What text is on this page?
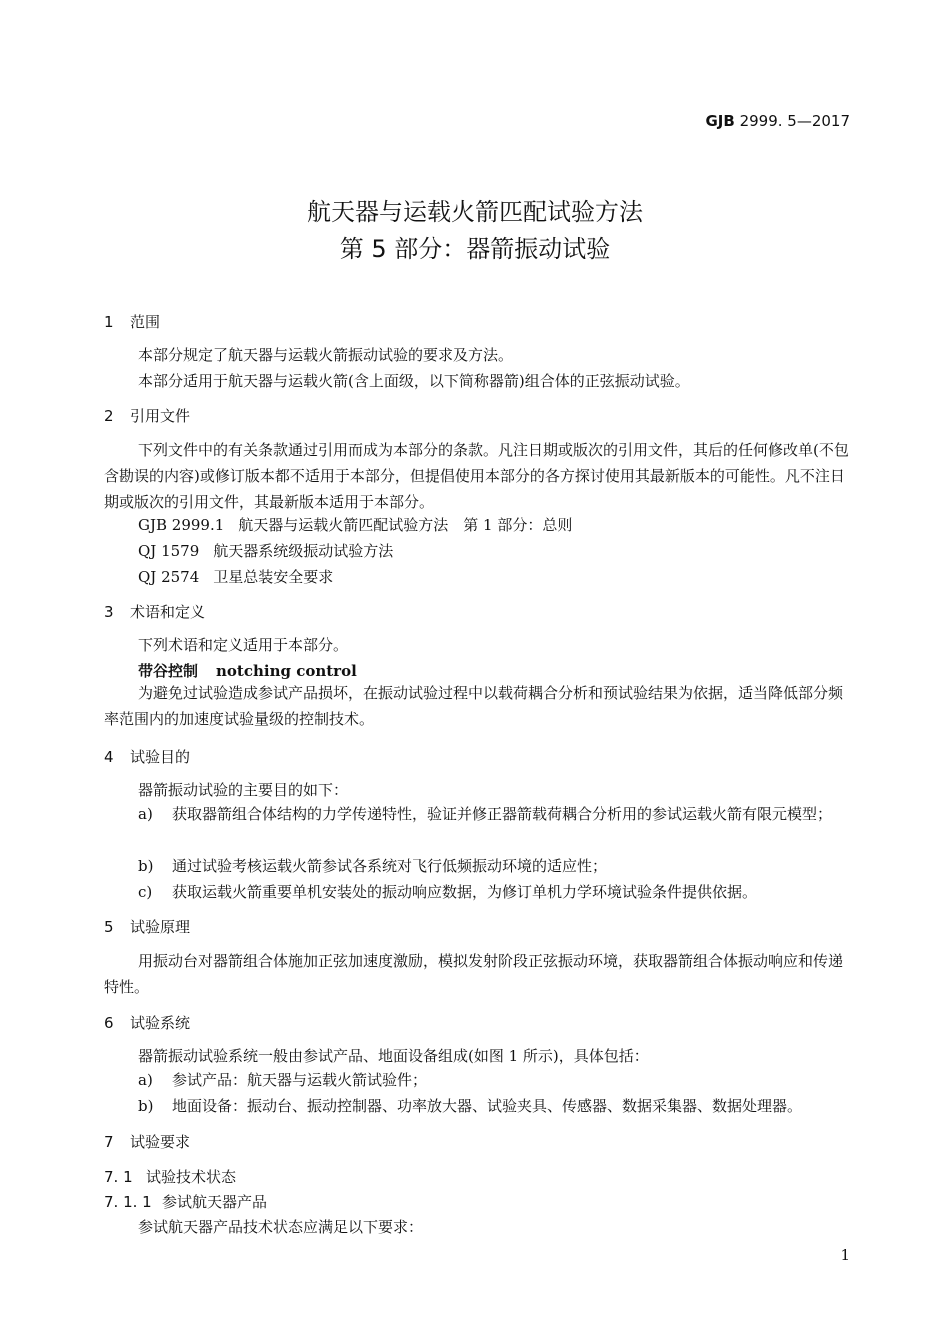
GJB 2999. 5—2017
航天器与运载火箭匹配试验方法
第 5 部分：器箭振动试验
1 范围
本部分规定了航天器与运载火箭振动试验的要求及方法。
本部分适用于航天器与运载火箭(含上面级，以下简称器箭)组合体的正弦振动试验。
2 引用文件
下列文件中的有关条款通过引用而成为本部分的条款。凡注日期或版次的引用文件，其后的任何修改单(不包含勘误的内容)或修订版本都不适用于本部分，但提倡使用本部分的各方探讨使用其最新版本的可能性。凡不注日期或版次的引用文件，其最新版本适用于本部分。
GJB 2999.1 航天器与运载火箭匹配试验方法　第 1 部分：总则
QJ 1579 航天器系统级振动试验方法
QJ 2574 卫星总装安全要求
3 术语和定义
下列术语和定义适用于本部分。
带谷控制 notching control
为避免过试验造成参试产品损坏，在振动试验过程中以载荷耦合分析和预试验结果为依据，适当降低部分频率范围内的加速度试验量级的控制技术。
4 试验目的
器箭振动试验的主要目的如下：
a)	获取器箭组合体结构的力学传递特性，验证并修正器箭载荷耦合分析用的参试运载火箭有限元模型；
b)	通过试验考核运载火箭参试各系统对飞行低频振动环境的适应性；
c)	获取运载火箭重要单机安装处的振动响应数据，为修订单机力学环境试验条件提供依据。
5 试验原理
用振动台对器箭组合体施加正弦加速度激励，模拟发射阶段正弦振动环境，获取器箭组合体振动响应和传递特性。
6 试验系统
器箭振动试验系统一般由参试产品、地面设备组成(如图 1 所示)，具体包括：
a)	参试产品：航天器与运载火箭试验件；
b)	地面设备：振动台、振动控制器、功率放大器、试验夹具、传感器、数据采集器、数据处理器。
7 试验要求
7. 1 试验技术状态
7. 1. 1 参试航天器产品
参试航天器产品技术状态应满足以下要求：
1
